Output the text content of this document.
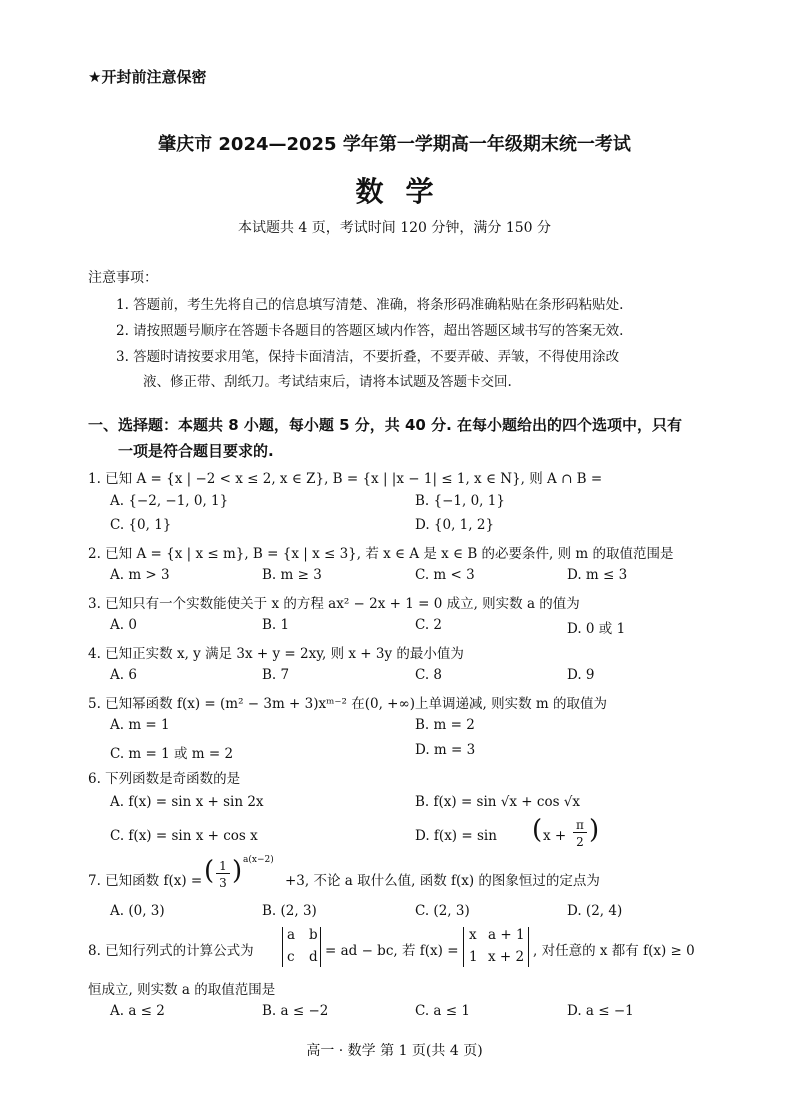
★开封前注意保密
肇庆市 2024—2025 学年第一学期高一年级期末统一考试
数学
本试题共 4 页，考试时间 120 分钟，满分 150 分
注意事项：
1. 答题前，考生先将自己的信息填写清楚、准确，将条形码准确粘贴在条形码粘贴处.
2. 请按照题号顺序在答题卡各题目的答题区域内作答，超出答题区域书写的答案无效.
3. 答题时请按要求用笔，保持卡面清洁，不要折叠，不要弄破、弄皱，不得使用涂改
液、修正带、刮纸刀。考试结束后，请将本试题及答题卡交回.
一、选择题：本题共 8 小题，每小题 5 分，共 40 分. 在每小题给出的四个选项中，只有
一项是符合题目要求的.
1. 已知 A = {x | −2 < x ≤ 2, x ∈ Z}, B = {x | |x − 1| ≤ 1, x ∈ N}, 则 A ∩ B =
A. {−2, −1, 0, 1}	B. {−1, 0, 1}
C. {0, 1}	D. {0, 1, 2}
2. 已知 A = {x | x ≤ m}, B = {x | x ≤ 3}, 若 x ∈ A 是 x ∈ B 的必要条件, 则 m 的取值范围是
A. m > 3	B. m ≥ 3	C. m < 3	D. m ≤ 3
3. 已知只有一个实数能使关于 x 的方程 ax² − 2x + 1 = 0 成立, 则实数 a 的值为
A. 0	B. 1	C. 2	D. 0 或 1
4. 已知正实数 x, y 满足 3x + y = 2xy, 则 x + 3y 的最小值为
A. 6	B. 7	C. 8	D. 9
5. 已知幂函数 f(x) = (m² − 3m + 3)xᵐ⁻² 在(0, +∞)上单调递减, 则实数 m 的取值为
A. m = 1	B. m = 2
C. m = 1 或 m = 2	D. m = 3
6. 下列函数是奇函数的是
A. f(x) = sin x + sin 2x	B. f(x) = sin √x + cos √x
C. f(x) = sin x + cos x	D. f(x) = sin ( x +
π
2 )
7. 已知函数 f(x) = ( 1
3 ) a(x−2)
+3, 不论 a 取什么值, 函数 f(x) 的图象恒过的定点为
A. (0, 3)	B. (2, 3)	C. (2, 3)	D. (2, 4)
8. 已知行列式的计算公式为
a b
c d = ad − bc, 若 f(x) =
x a + 1
1 x + 2 , 对任意的 x 都有 f(x) ≥ 0
恒成立, 则实数 a 的取值范围是
A. a ≤ 2	B. a ≤ −2	C. a ≤ 1	D. a ≤ −1
高一 · 数学 第 1 页(共 4 页)
